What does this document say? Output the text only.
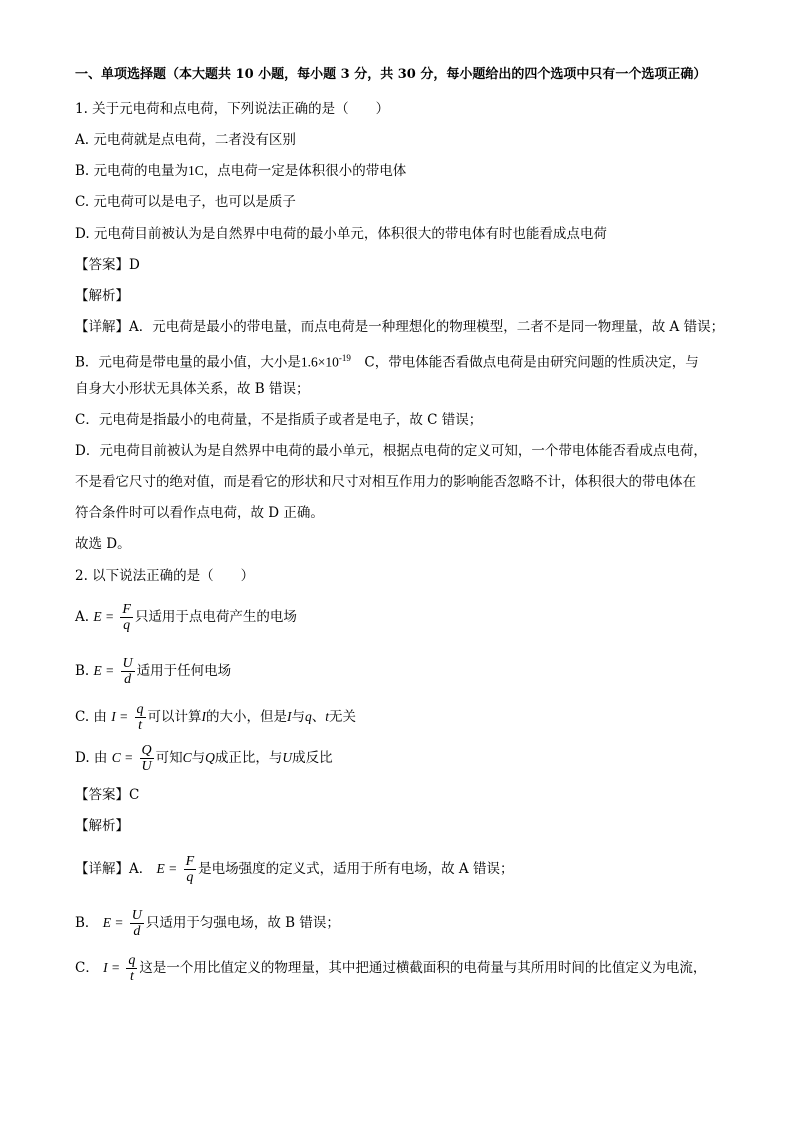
一、单项选择题（本大题共 10 小题，每小题 3 分，共 30 分，每小题给出的四个选项中只有一个选项正确）
1. 关于元电荷和点电荷，下列说法正确的是（　　）
A. 元电荷就是点电荷，二者没有区别
B. 元电荷的电量为1C，点电荷一定是体积很小的带电体
C. 元电荷可以是电子，也可以是质子
D. 元电荷目前被认为是自然界中电荷的最小单元，体积很大的带电体有时也能看成点电荷
【答案】D
【解析】
【详解】A．元电荷是最小的带电量，而点电荷是一种理想化的物理模型，二者不是同一物理量，故 A 错误；
B．元电荷是带电量的最小值，大小是$1.6\times 10^{-19}$　C，带电体能否看做点电荷是由研究问题的性质决定，与
自身大小形状无具体关系，故 B 错误；
C．元电荷是指最小的电荷量，不是指质子或者是电子，故 C 错误；
D．元电荷目前被认为是自然界中电荷的最小单元，根据点电荷的定义可知，一个带电体能否看成点电荷，
不是看它尺寸的绝对值，而是看它的形状和尺寸对相互作用力的影响能否忽略不计，体积很大的带电体在
符合条件时可以看作点电荷，故 D 正确。
故选 D。
2. 以下说法正确的是（　　）
A. $E = \frac{F}{q}$ 只适用于点电荷产生的电场
B. $E = \frac{U}{d}$ 适用于任何电场
C. 由 $I = \frac{q}{t}$ 可以计算I的大小，但是I与q、t无关
D. 由 $C = \frac{Q}{U}$ 可知C与Q成正比，与U成反比
【答案】C
【解析】
【详解】A． $E = \frac{F}{q}$ 是电场强度的定义式，适用于所有电场，故 A 错误；
B． $E = \frac{U}{d}$ 只适用于匀强电场，故 B 错误；
C． $I = \frac{q}{t}$ 这是一个用比值定义的物理量，其中把通过横截面积的电荷量与其所用时间的比值定义为电流，
